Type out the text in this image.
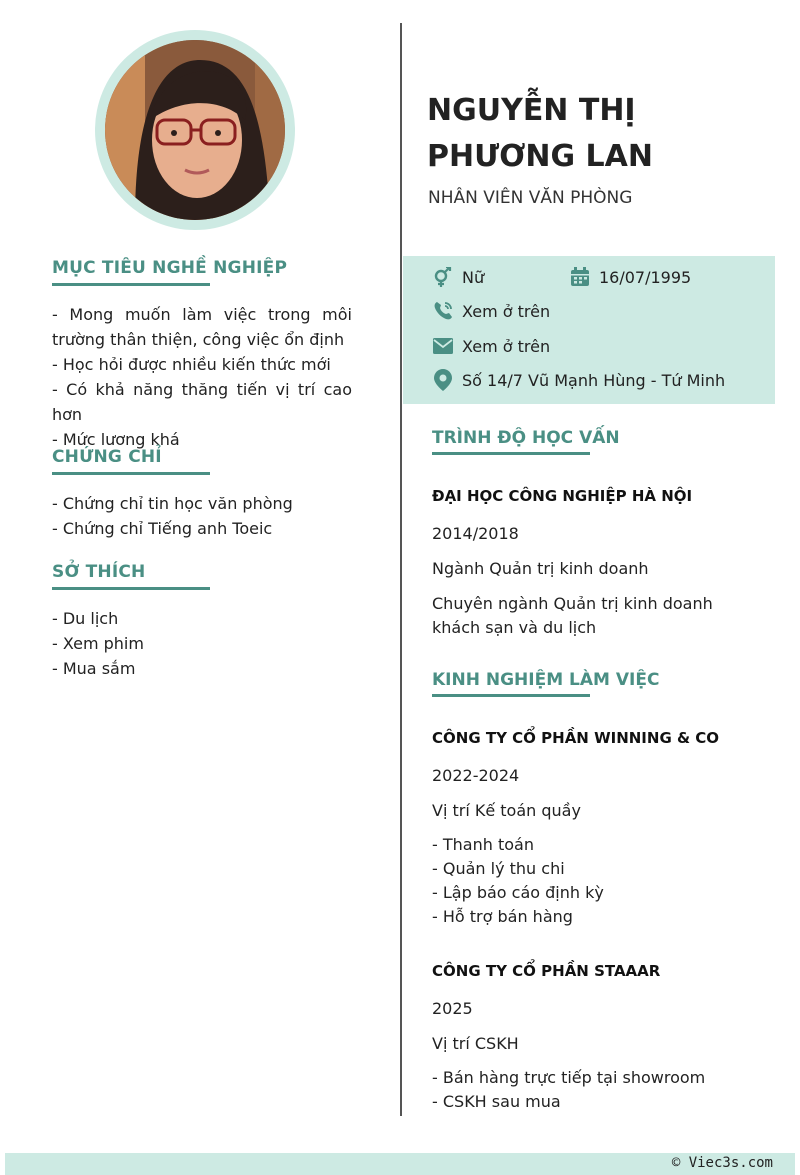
MỤC TIÊU NGHỀ NGHIỆP
- Mong muốn làm việc trong môi trường thân thiện, công việc ổn định
- Học hỏi được nhiều kiến thức mới
- Có khả năng thăng tiến vị trí cao hơn
- Mức lương khá
CHỨNG CHỈ
- Chứng chỉ tin học văn phòng
- Chứng chỉ Tiếng anh Toeic
SỞ THÍCH
- Du lịch
- Xem phim
- Mua sắm
NGUYỄN THỊ PHƯƠNG LAN
NHÂN VIÊN VĂN PHÒNG
Nữ	16/07/1995
Xem ở trên
Xem ở trên
Số 14/7 Vũ Mạnh Hùng - Tứ Minh
TRÌNH ĐỘ HỌC VẤN
ĐẠI HỌC CÔNG NGHIỆP HÀ NỘI
2014/2018
Ngành Quản trị kinh doanh
Chuyên ngành Quản trị kinh doanh khách sạn và du lịch
KINH NGHIỆM LÀM VIỆC
CÔNG TY CỔ PHẦN WINNING & CO
2022-2024
Vị trí Kế toán quầy
- Thanh toán
- Quản lý thu chi
- Lập báo cáo định kỳ
- Hỗ trợ bán hàng
CÔNG TY CỔ PHẦN STAAAR
2025
Vị trí CSKH
- Bán hàng trực tiếp tại showroom
- CSKH sau mua
© Viec3s.com
